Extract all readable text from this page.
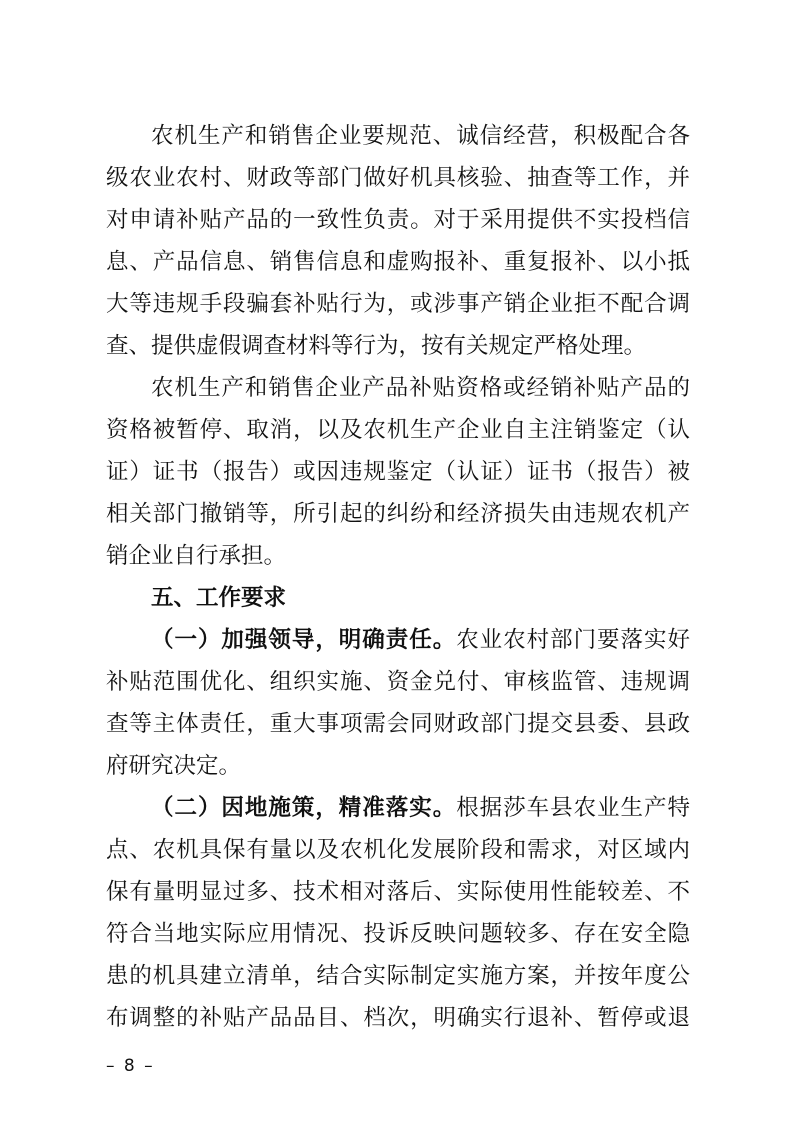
农机生产和销售企业要规范、诚信经营，积极配合各级农业农村、财政等部门做好机具核验、抽查等工作，并对申请补贴产品的一致性负责。对于采用提供不实投档信息、产品信息、销售信息和虚购报补、重复报补、以小抵大等违规手段骗套补贴行为，或涉事产销企业拒不配合调查、提供虚假调查材料等行为，按有关规定严格处理。

农机生产和销售企业产品补贴资格或经销补贴产品的资格被暂停、取消，以及农机生产企业自主注销鉴定（认证）证书（报告）或因违规鉴定（认证）证书（报告）被相关部门撤销等，所引起的纠纷和经济损失由违规农机产销企业自行承担。

五、工作要求

（一）加强领导，明确责任。农业农村部门要落实好补贴范围优化、组织实施、资金兑付、审核监管、违规调查等主体责任，重大事项需会同财政部门提交县委、县政府研究决定。

（二）因地施策，精准落实。根据莎车县农业生产特点、农机具保有量以及农机化发展阶段和需求，对区域内保有量明显过多、技术相对落后、实际使用性能较差、不符合当地实际应用情况、投诉反映问题较多、存在安全隐患的机具建立清单，结合实际制定实施方案，并按年度公布调整的补贴产品品目、档次，明确实行退补、暂停或退

– 8 –
